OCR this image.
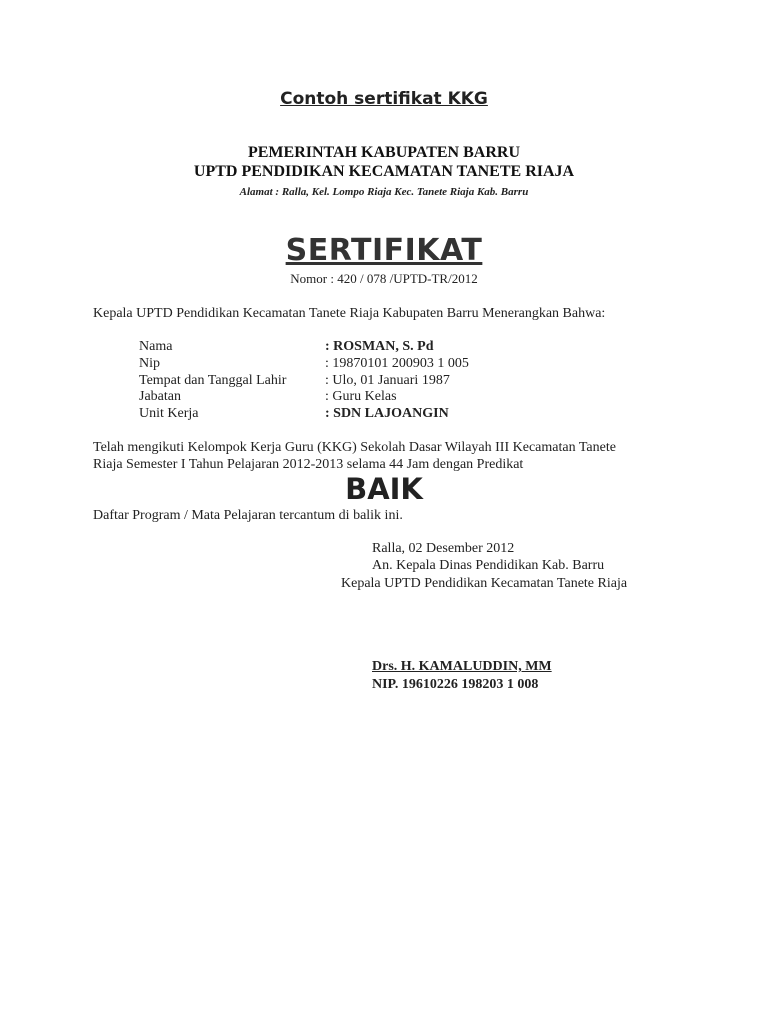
Contoh sertifikat KKG
PEMERINTAH KABUPATEN BARRU
UPTD PENDIDIKAN KECAMATAN TANETE RIAJA
Alamat : Ralla, Kel. Lompo Riaja Kec. Tanete Riaja Kab. Barru
SERTIFIKAT
Nomor : 420 / 078 /UPTD-TR/2012
Kepala UPTD Pendidikan Kecamatan Tanete Riaja Kabupaten Barru Menerangkan Bahwa:
Nama	: ROSMAN, S. Pd
Nip	: 19870101 200903 1 005
Tempat dan Tanggal Lahir	: Ulo, 01 Januari 1987
Jabatan	: Guru Kelas
Unit Kerja	: SDN LAJOANGIN
Telah mengikuti Kelompok Kerja Guru (KKG) Sekolah Dasar Wilayah III Kecamatan Tanete
Riaja Semester I Tahun Pelajaran 2012-2013 selama 44 Jam dengan Predikat
BAIK
Daftar Program / Mata Pelajaran tercantum di balik ini.
Ralla, 02 Desember 2012
An. Kepala Dinas Pendidikan Kab. Barru
Kepala UPTD Pendidikan Kecamatan Tanete Riaja
Drs. H. KAMALUDDIN, MM
NIP. 19610226 198203 1 008
